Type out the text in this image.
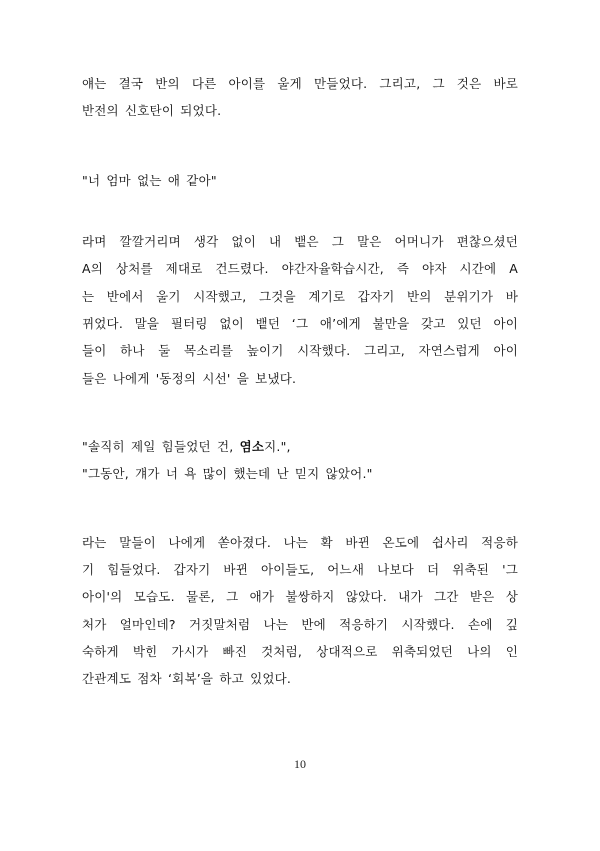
얘는 결국 반의 다른 아이를 울게 만들었다. 그리고, 그 것은 바로
반전의 신호탄이 되었다.
"너 엄마 없는 애 같아"
라며 깔깔거리며 생각 없이 내 뱉은 그 말은 어머니가 편찮으셨던
A의 상처를 제대로 건드렸다. 야간자율학습시간, 즉 야자 시간에 A
는 반에서 울기 시작했고, 그것을 계기로 갑자기 반의 분위기가 바
뀌었다. 말을 필터링 없이 뱉던 ‘그 애’에게 불만을 갖고 있던 아이
들이 하나 둘 목소리를 높이기 시작했다. 그리고, 자연스럽게 아이
들은 나에게 '동정의 시선' 을 보냈다.
"솔직히 제일 힘들었던 건, 염소지.",
"그동안, 걔가 너 욕 많이 했는데 난 믿지 않았어."
라는 말들이 나에게 쏟아졌다. 나는 확 바뀐 온도에 쉽사리 적응하
기 힘들었다. 갑자기 바뀐 아이들도, 어느새 나보다 더 위축된 '그
아이'의 모습도. 물론, 그 애가 불쌍하지 않았다. 내가 그간 받은 상
처가 얼마인데? 거짓말처럼 나는 반에 적응하기 시작했다. 손에 깊
숙하게 박힌 가시가 빠진 것처럼, 상대적으로 위축되었던 나의 인
간관계도 점차 ‘회복’을 하고 있었다.
10
